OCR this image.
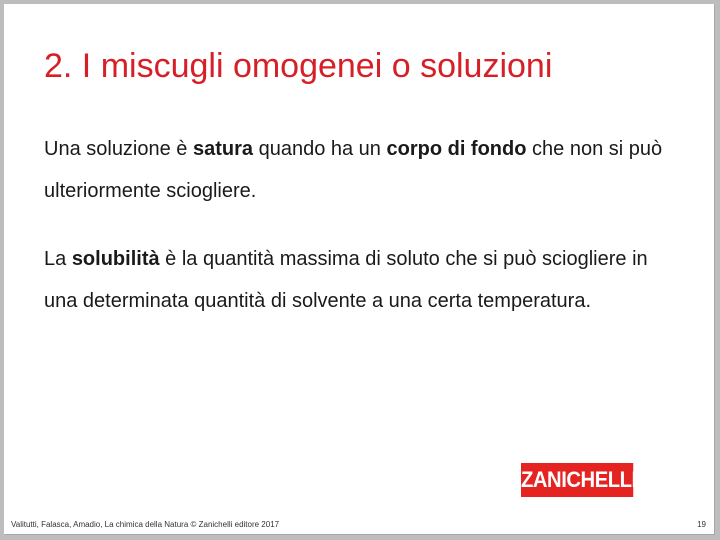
2. I miscugli omogenei o soluzioni

Una soluzione è satura quando ha un corpo di fondo che non si può ulteriormente sciogliere.

La solubilità è la quantità massima di soluto che si può sciogliere in una determinata quantità di solvente a una certa temperatura.

ZANICHELLI
Valitutti, Falasca, Amadio, La chimica della Natura © Zanichelli editore 2017	19
